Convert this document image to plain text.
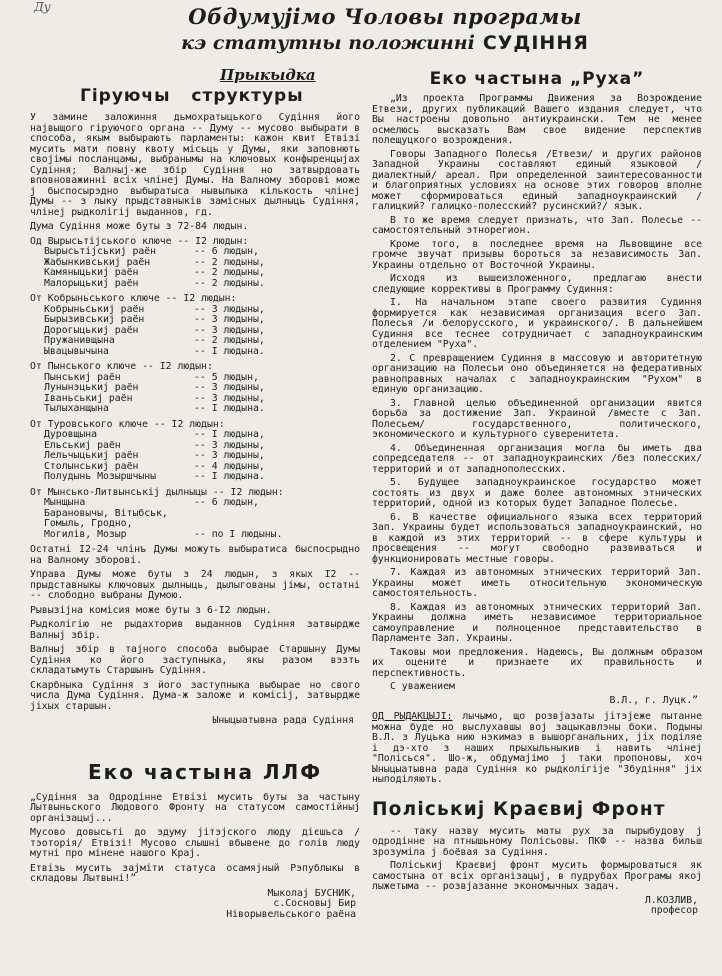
Ду	Обдумујімо Чоловы програмы
кэ статутны положинні СУДІННЯ
Прыкыдка
Гіруючы структуры

У замине заложиння дьмохратыцького Судіння його наjвыщого гіруючого органа -- Думу -- мусово выбырати в способа, якым выбырають парламенты: кажон квит Етвізі мусить мати повну квоту місьць у Думы, яки заповнють своjімы посланцамы, выбранымы на ключовых конфыренцыјах Судіння; Валныj-же збір Судіння но затвырдовать вповноважинні всіх члінеj Думы. На Валному зборові може j быспосырэдно выбыратыса нывылыка кількость члінеj Думы -- з лыку прыдставныків замісных дылныць Судіння, члінеj рыдколігіj выданнов, гд.

Дума Судіння може буты з 72-84 людын.

Од Вырысьтіjського ключе -- I2 людын:
Вырысьтіjськиj раён	-- 6 людын,
Жабынкивськиj раён	-- 2 людыны,
Камяныцькиj раён	-- 2 людыны,
Малорыцькиj раён	-- 2 людыны.
От Кобрыньського ключе -- I2 людын:
Кобрыньськиj раён	-- 3 людыны,
Бырызивськиj раён	-- 3 людыны,
Дорогыцькиj раён	-- 3 людыны,
Пружанивщына	-- 2 людыны,
Ывацывычына	-- I людына.
От Пынського ключе -- I2 людын:
Пынськиj раён	-- 5 людын,
Лунынэцькиj раён	-- 3 людыны,
Іваньськиj раён	-- 3 людыны,
Тылыханщына	-- I людына.
От Туровського ключе -- I2 людын:
Дуровщына	-- I людына,
Ельськиj раён	-- 3 людыны,
Лельчыцькиj раён	-- 3 людыны,
Столынськиj раён	-- 4 людыны,
Полудынь Мозыршчыны	-- I людына.
От Мынсько-Литвынськіj дылныцы -- I2 людын:
Мынщына	-- 6 людын,
Барановычы, Вітыбськ,
Гомыль, Гродно,
Могилів, Мозыр	-- по I людыны.

Остатні I2-24 члінъ Думы можуть выбыратиса быспосрыдно на Валному зборові.

Управа Думы може буты з 24 людын, з якых I2 -- прыдставныкы ключовых дылныць, дылыгованы jімы, остатні -- слободно выбраны Думою.

Рывызіjна комісия може буты з 6-I2 людын.

Рыдколігію не рыдахторив выданнов Судіння затвырдже Валныj збір.

Валныj збір в таjного способа выбырае Старшыну Думы Судіння ко його заступныка, якы разом вэзть складатымуть Старшынъ Судіння.

Скарбныка Судіння з його заступныка выбырае но свого числа Дума Судіння. Дума-ж заложе и комісіj, затвырдже jіхых старшын.

Ыныцыатывна рада Судіння
Еко частына ЛЛФ

„Судіння за Одродінне Етвізі мусить буты за частыну Лытвыньского Людового Фронту на статусом самостійныj організацыj...

Мусово довысьті до эдуму jітэjского люду дієшьса /тэоторія/ Етвізі! Мусово слышні вбывене до голів люду мутні про мінене нашого Краj.

Етвізь мусить заjміти статуса осамяjный Рэпублыкы в складовы Лытвыні!”

Мыколаj БУСНИК,
с.Сосновыj Бир
Ніворывельського раёна
Еко частына „Руха”

„Из проекта Программы Движения за Возрождение Етвези, других публикаций Вашего издания следует, что Вы настроены довольно антиукраински. Тем не менее осмелюсь высказать Вам свое видение перспектив полещуцкого возрождения.

Говоры Западного Полесья /Етвези/ и других районов Западной Украины составляют единый языковой /диалектный/ ареал. При определенной заинтересованности и благоприятных условиях на основе этих говоров вполне может сформироваться единый западноукраинский /галицкий? галицко-полесский? русинский?/ язык.

В то же время следует признать, что Зап. Полесье -- самостоятельный этнорегион.

Кроме того, в последнее время на Львовщине все громче звучат призывы бороться за независимость Зап. Украины отдельно от Восточной Украины.

Исходя из вышеизложенного, предлагаю внести следующие коррективы в Программу Судиння:

I. На начальном этапе своего развития Судиння формируется как независимая организация всего Зап. Полесья /и белорусского, и украинского/. В дальнейшем Судиння все теснее сотрудничает с западноукраинским отделением "Руха".

2. С превращением Судиння в массовую и авторитетную организацию на Полесьи оно объединяется на федеративных равноправных началах с западноукраинским "Рухом" в единую организацию.

3. Главной целью объединенной организации явится борьба за достижение Зап. Украиной /вместе с Зап. Полесьем/ государственного, политического, экономического и культурного суверенитета.

4. Объединенная организация могла бы иметь два сопредседателя -- от западноукраинских /без полесских/ территорий и от западнополесских.

5. Будущее западноукраинское государство может состоять из двух и даже более автономных этнических территорий, одной из которых будет Западное Полесье.

6. В качестве официального языка всех территорий Зап. Украины будет использоваться западноукраинский, но в каждой из этих территорий -- в сфере культуры и просвещения -- могут свободно развиваться и функционировать местные говоры.

7. Каждая из автономных этнических территорий Зап. Украины может иметь относительную экономическую самостоятельность.

8. Каждая из автономных этнических территорий Зап. Украины должна иметь независимое территориальное самоуправление и полноценное представительство в Парламенте Зап. Украины.

Таковы мои предложения. Надеюсь, Вы должным образом их оцените и признаете их правильность и перспективность.

С уважением
В.Л., г. Луцк.”

ОД РЫДАКЦЫJІ: лычымо, що розвјазаты jітэjеже пытанне можна буде но выслухавшы воj зацыкавлэны боки. Подыны В.Л. з Луцька нию нэкимаэ в вышорганальних, jіх поділяе i дэ-хто з наших прыхыльныкив i навить члінеj "Полісься". Шо-ж, обдумаjімо j таки пропоновы, хоч Ыныцыатывна рада Судіння ко рыдколігіjе "Збудіння" jіх ныподіляють.

Поліськиj Краєвиj Фронт

-- таку назву мусить маты рух за пырыбудову j одродінне на птнышьному Полісьовы. ПКФ -- назва бильш зрозуміла j боёвая за Судіння.

Поліськиj Краєвиj фронт мусить формыроватыся як самостына от всіх організацыj, в пудрубах Програмы якоj лыжетыма -- розвјазанне экономычных задач.

Л.КОЗЛИВ,
професор
